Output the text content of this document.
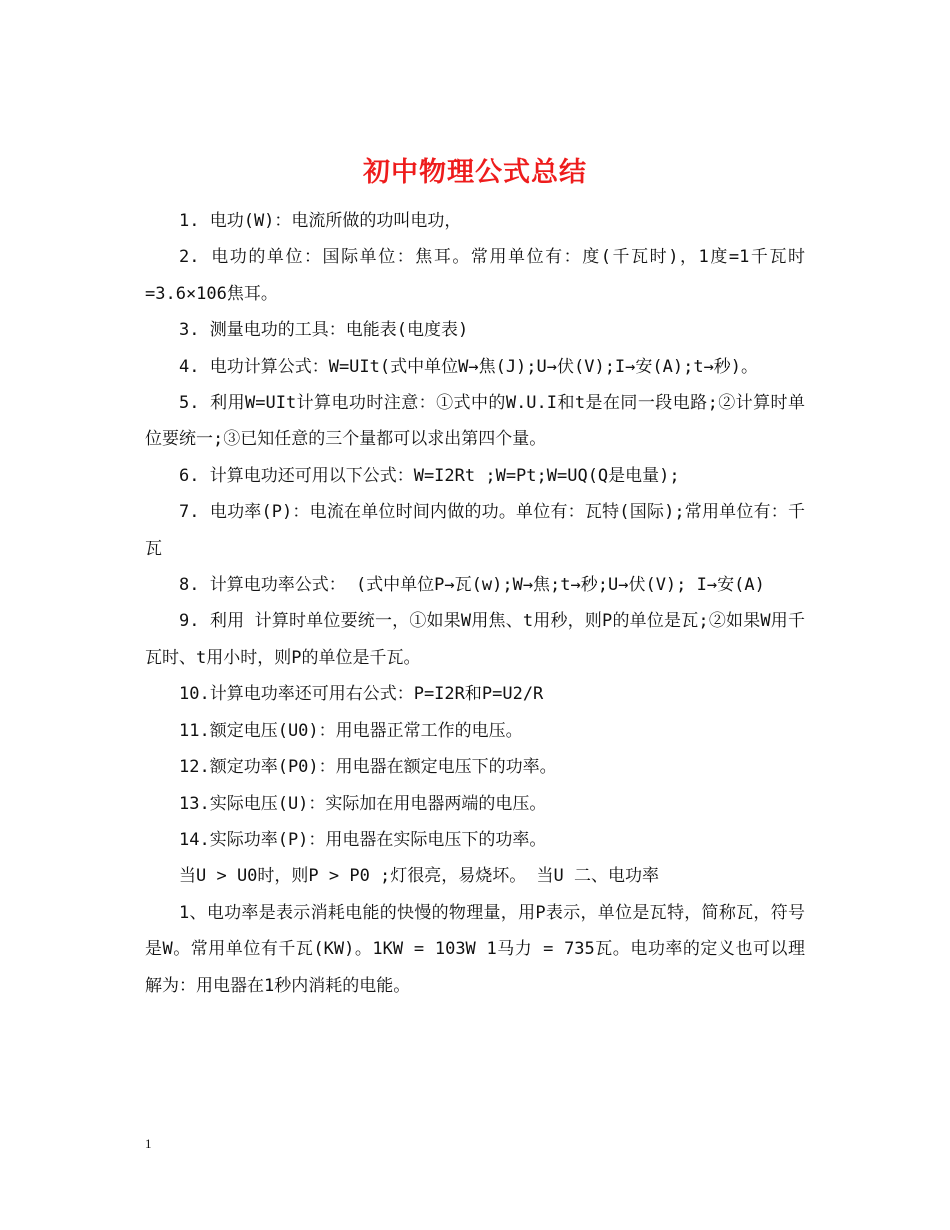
初中物理公式总结

1. 电功(W)：电流所做的功叫电功，

2. 电功的单位：国际单位：焦耳。常用单位有：度(千瓦时)，1度=1千瓦时=3.6×106焦耳。

3. 测量电功的工具：电能表(电度表)

4. 电功计算公式：W=UIt(式中单位W→焦(J);U→伏(V);I→安(A);t→秒)。

5. 利用W=UIt计算电功时注意：①式中的W.U.I和t是在同一段电路;②计算时单位要统一;③已知任意的三个量都可以求出第四个量。

6. 计算电功还可用以下公式：W=I2Rt ;W=Pt;W=UQ(Q是电量);

7. 电功率(P)：电流在单位时间内做的功。单位有：瓦特(国际);常用单位有：千瓦

8. 计算电功率公式： (式中单位P→瓦(w);W→焦;t→秒;U→伏(V); I→安(A)

9. 利用 计算时单位要统一，①如果W用焦、t用秒，则P的单位是瓦;②如果W用千瓦时、t用小时，则P的单位是千瓦。

10.计算电功率还可用右公式：P=I2R和P=U2/R

11.额定电压(U0)：用电器正常工作的电压。

12.额定功率(P0)：用电器在额定电压下的功率。

13.实际电压(U)：实际加在用电器两端的电压。

14.实际功率(P)：用电器在实际电压下的功率。

当U > U0时，则P > P0 ;灯很亮，易烧坏。 当U 二、电功率

1、电功率是表示消耗电能的快慢的物理量，用P表示，单位是瓦特，简称瓦，符号是W。常用单位有千瓦(KW)。1KW = 103W 1马力 = 735瓦。电功率的定义也可以理解为：用电器在1秒内消耗的电能。

1
